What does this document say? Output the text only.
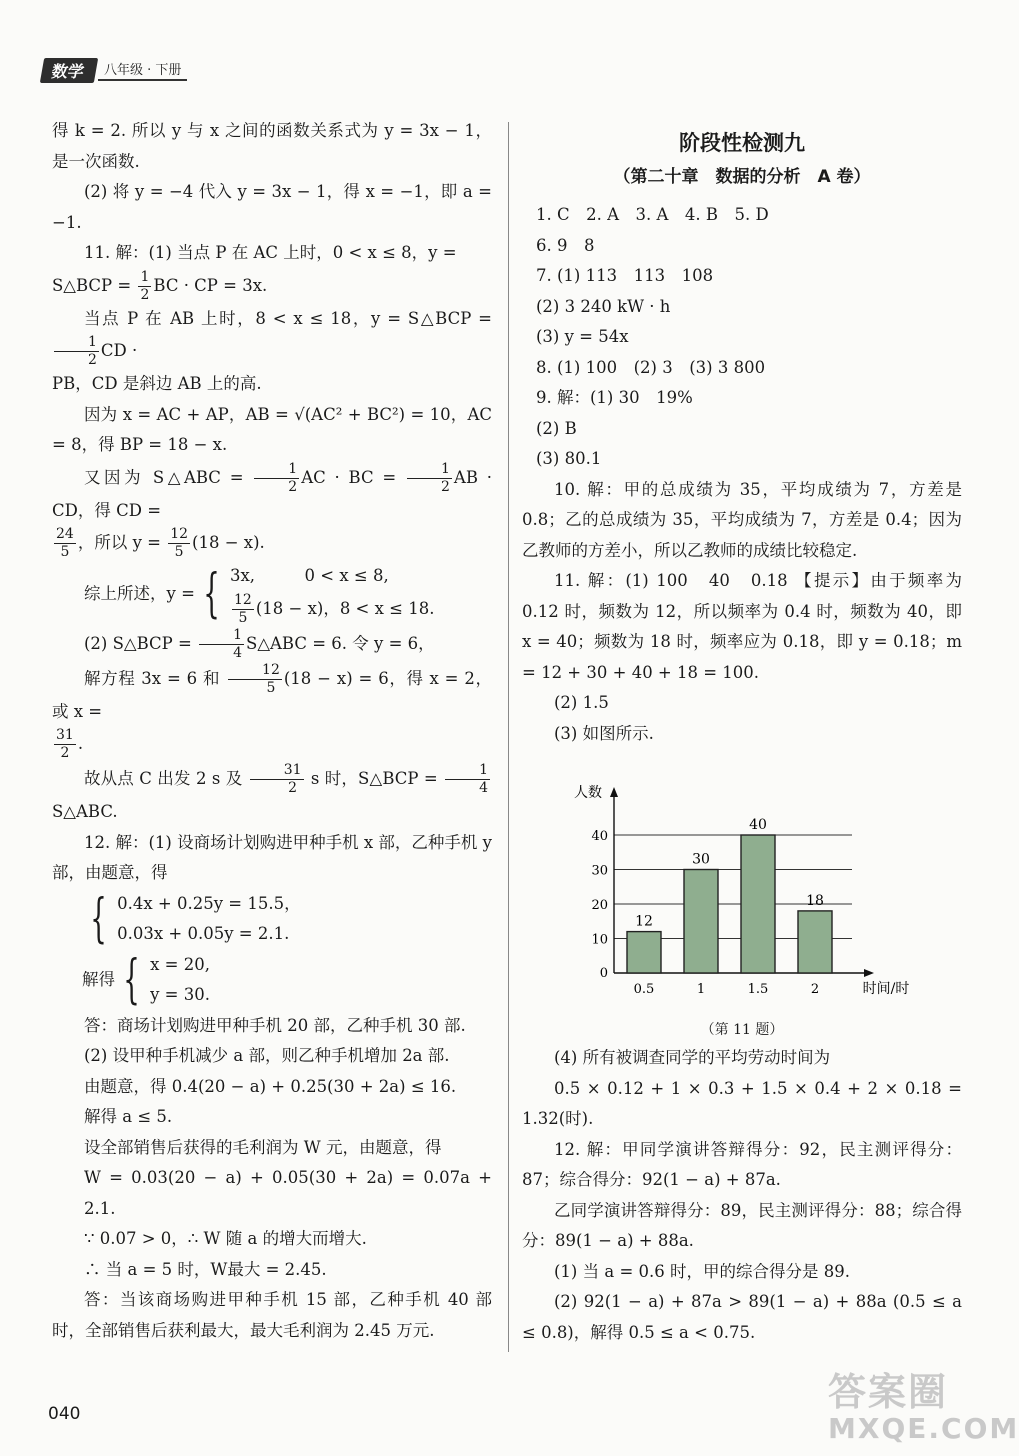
数学	八年级 · 下册

得 k = 2. 所以 y 与 x 之间的函数关系式为 y = 3x − 1，是一次函数.

(2) 将 y = −4 代入 y = 3x − 1，得 x = −1，即 a = −1.

11. 解：(1) 当点 P 在 AC 上时，0 < x ≤ 8，y =

S△BCP = $\frac{1}{2}$ BC · CP = 3x.

当点 P 在 AB 上时，8 < x ≤ 18，y = S△BCP =
$\frac{1}{2}$ CD ·

PB，CD 是斜边 AB 上的高.

因为 x = AC + AP，AB = √(AC² + BC²) = 10，AC = 8，得 BP = 18 − x.

又因为 S△ABC = $\frac{1}{2}$ AC · BC = $\frac{1}{2}$ AB · CD，得 CD =

$\frac{24}{5}$ ，所以 $y = \frac{12}{5} (18 - x)$.

综上所述，y = { 3x,　　　0 < x ≤ 8,
$\frac{12}{5} (18 - x)$，8 < x ≤ 18.

(2) S△BCP = $\frac{1}{4}$ S△ABC = 6. 令 y = 6，

解方程 3x = 6 和 $\frac{12}{5} (18 - x) = 6$，得 x = 2，或 x =

$\frac{31}{2}$ .

故从点 C 出发 2 s 及 $\frac{31}{2}$ s 时，S△BCP = $\frac{1}{4}$
S△ABC.

12. 解：(1) 设商场计划购进甲种手机 x 部，乙种手机 y 部，由题意，得

{ 0.4x + 0.25y = 15.5，
0.03x + 0.05y = 2.1.
解得 { x = 20,
y = 30.

答：商场计划购进甲种手机 20 部，乙种手机 30 部.

(2) 设甲种手机减少 a 部，则乙种手机增加 2a 部.

由题意，得 0.4(20 − a) + 0.25(30 + 2a) ≤ 16.

解得 a ≤ 5.

设全部销售后获得的毛利润为 W 元，由题意，得

W = 0.03(20 − a) + 0.05(30 + 2a) = 0.07a + 2.1.

∵ 0.07 > 0，∴ W 随 a 的增大而增大.

∴ 当 a = 5 时，W最大 = 2.45.

答：当该商场购进甲种手机 15 部，乙种手机 40 部时，全部销售后获利最大，最大毛利润为 2.45 万元.

阶段性检测九

（第二十章　数据的分析　A 卷）

1. C　2. A　3. A　4. B　5. D

6. 9　8

7. (1) 113　113　108

(2) 3 240 kW · h

(3) y = 54x

8. (1) 100　(2) 3　(3) 3 800

9. 解：(1) 30　19%

(2) B

(3) 80.1

10. 解：甲的总成绩为 35，平均成绩为 7，方差是 0.8；乙的总成绩为 35，平均成绩为 7，方差是 0.4；因为乙教师的方差小，所以乙教师的成绩比较稳定.

11. 解：(1) 100　40　0.18 【提示】由于频率为 0.12 时，频数为 12，所以频率为 0.4 时，频数为 40，即 x = 40；频数为 18 时，频率应为 0.18，即 y = 0.18；m = 12 + 30 + 40 + 18 = 100.

(2) 1.5

(3) 如图所示.

10
20
30
40
人数
时间/时
0
12
0.5
30
1
40
1.5
18
2

（第 11 题）

(4) 所有被调查同学的平均劳动时间为

0.5 × 0.12 + 1 × 0.3 + 1.5 × 0.4 + 2 × 0.18 = 1.32(时).

12. 解：甲同学演讲答辩得分：92，民主测评得分：87；综合得分：92(1 − a) + 87a.

乙同学演讲答辩得分：89，民主测评得分：88；综合得分：89(1 − a) + 88a.

(1) 当 a = 0.6 时，甲的综合得分是 89.

(2) 92(1 − a) + 87a > 89(1 − a) + 88a (0.5 ≤ a ≤ 0.8)，解得 0.5 ≤ a < 0.75.

040	答案圈
MXQE.COM
